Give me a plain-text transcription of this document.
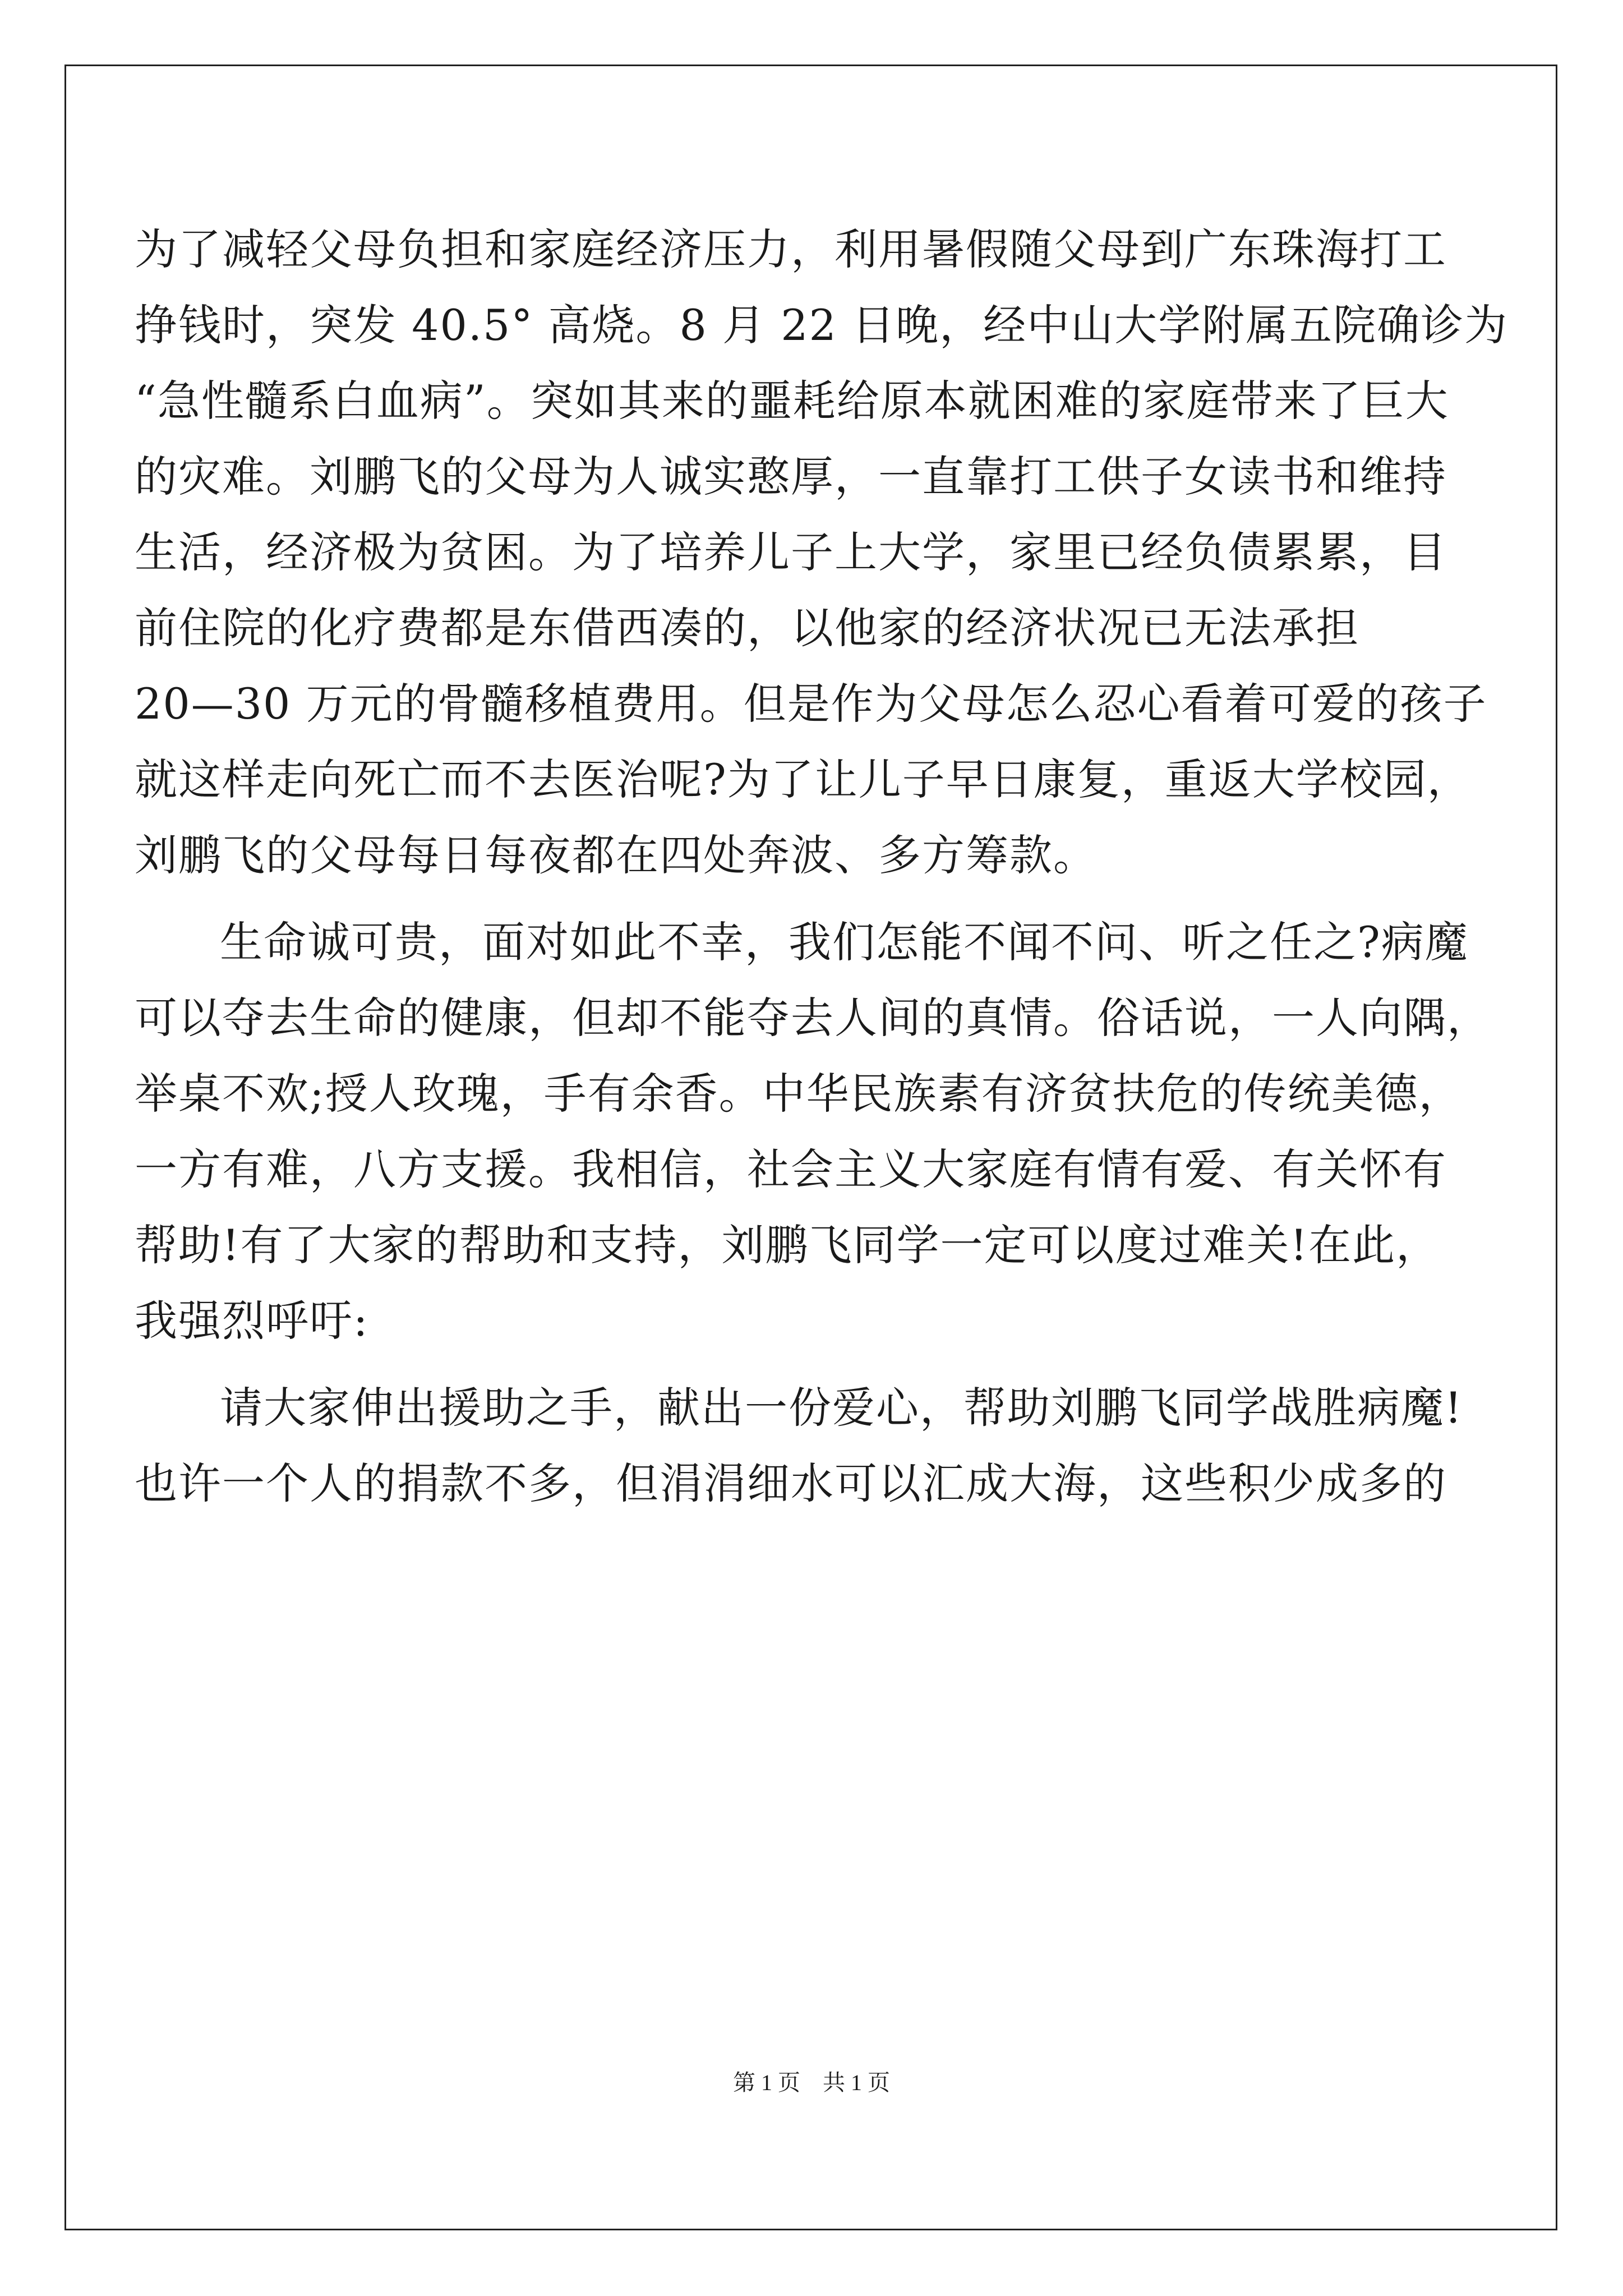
为了减轻父母负担和家庭经济压力，利用暑假随父母到广东珠海打工
挣钱时，突发 40.5° 高烧。8 月 22 日晚，经中山大学附属五院确诊为
“急性髓系白血病”。突如其来的噩耗给原本就困难的家庭带来了巨大
的灾难。刘鹏飞的父母为人诚实憨厚，一直靠打工供子女读书和维持
生活，经济极为贫困。为了培养儿子上大学，家里已经负债累累，目
前住院的化疗费都是东借西凑的，以他家的经济状况已无法承担
20—30 万元的骨髓移植费用。但是作为父母怎么忍心看着可爱的孩子
就这样走向死亡而不去医治呢?为了让儿子早日康复，重返大学校园，
刘鹏飞的父母每日每夜都在四处奔波、多方筹款。
生命诚可贵，面对如此不幸，我们怎能不闻不问、听之任之?病魔
可以夺去生命的健康，但却不能夺去人间的真情。俗话说，一人向隅，
举桌不欢;授人玫瑰，手有余香。中华民族素有济贫扶危的传统美德，
一方有难，八方支援。我相信，社会主义大家庭有情有爱、有关怀有
帮助!有了大家的帮助和支持，刘鹏飞同学一定可以度过难关!在此，
我强烈呼吁:
请大家伸出援助之手，献出一份爱心，帮助刘鹏飞同学战胜病魔!
也许一个人的捐款不多，但涓涓细水可以汇成大海，这些积少成多的
第 1 页 共 1 页
